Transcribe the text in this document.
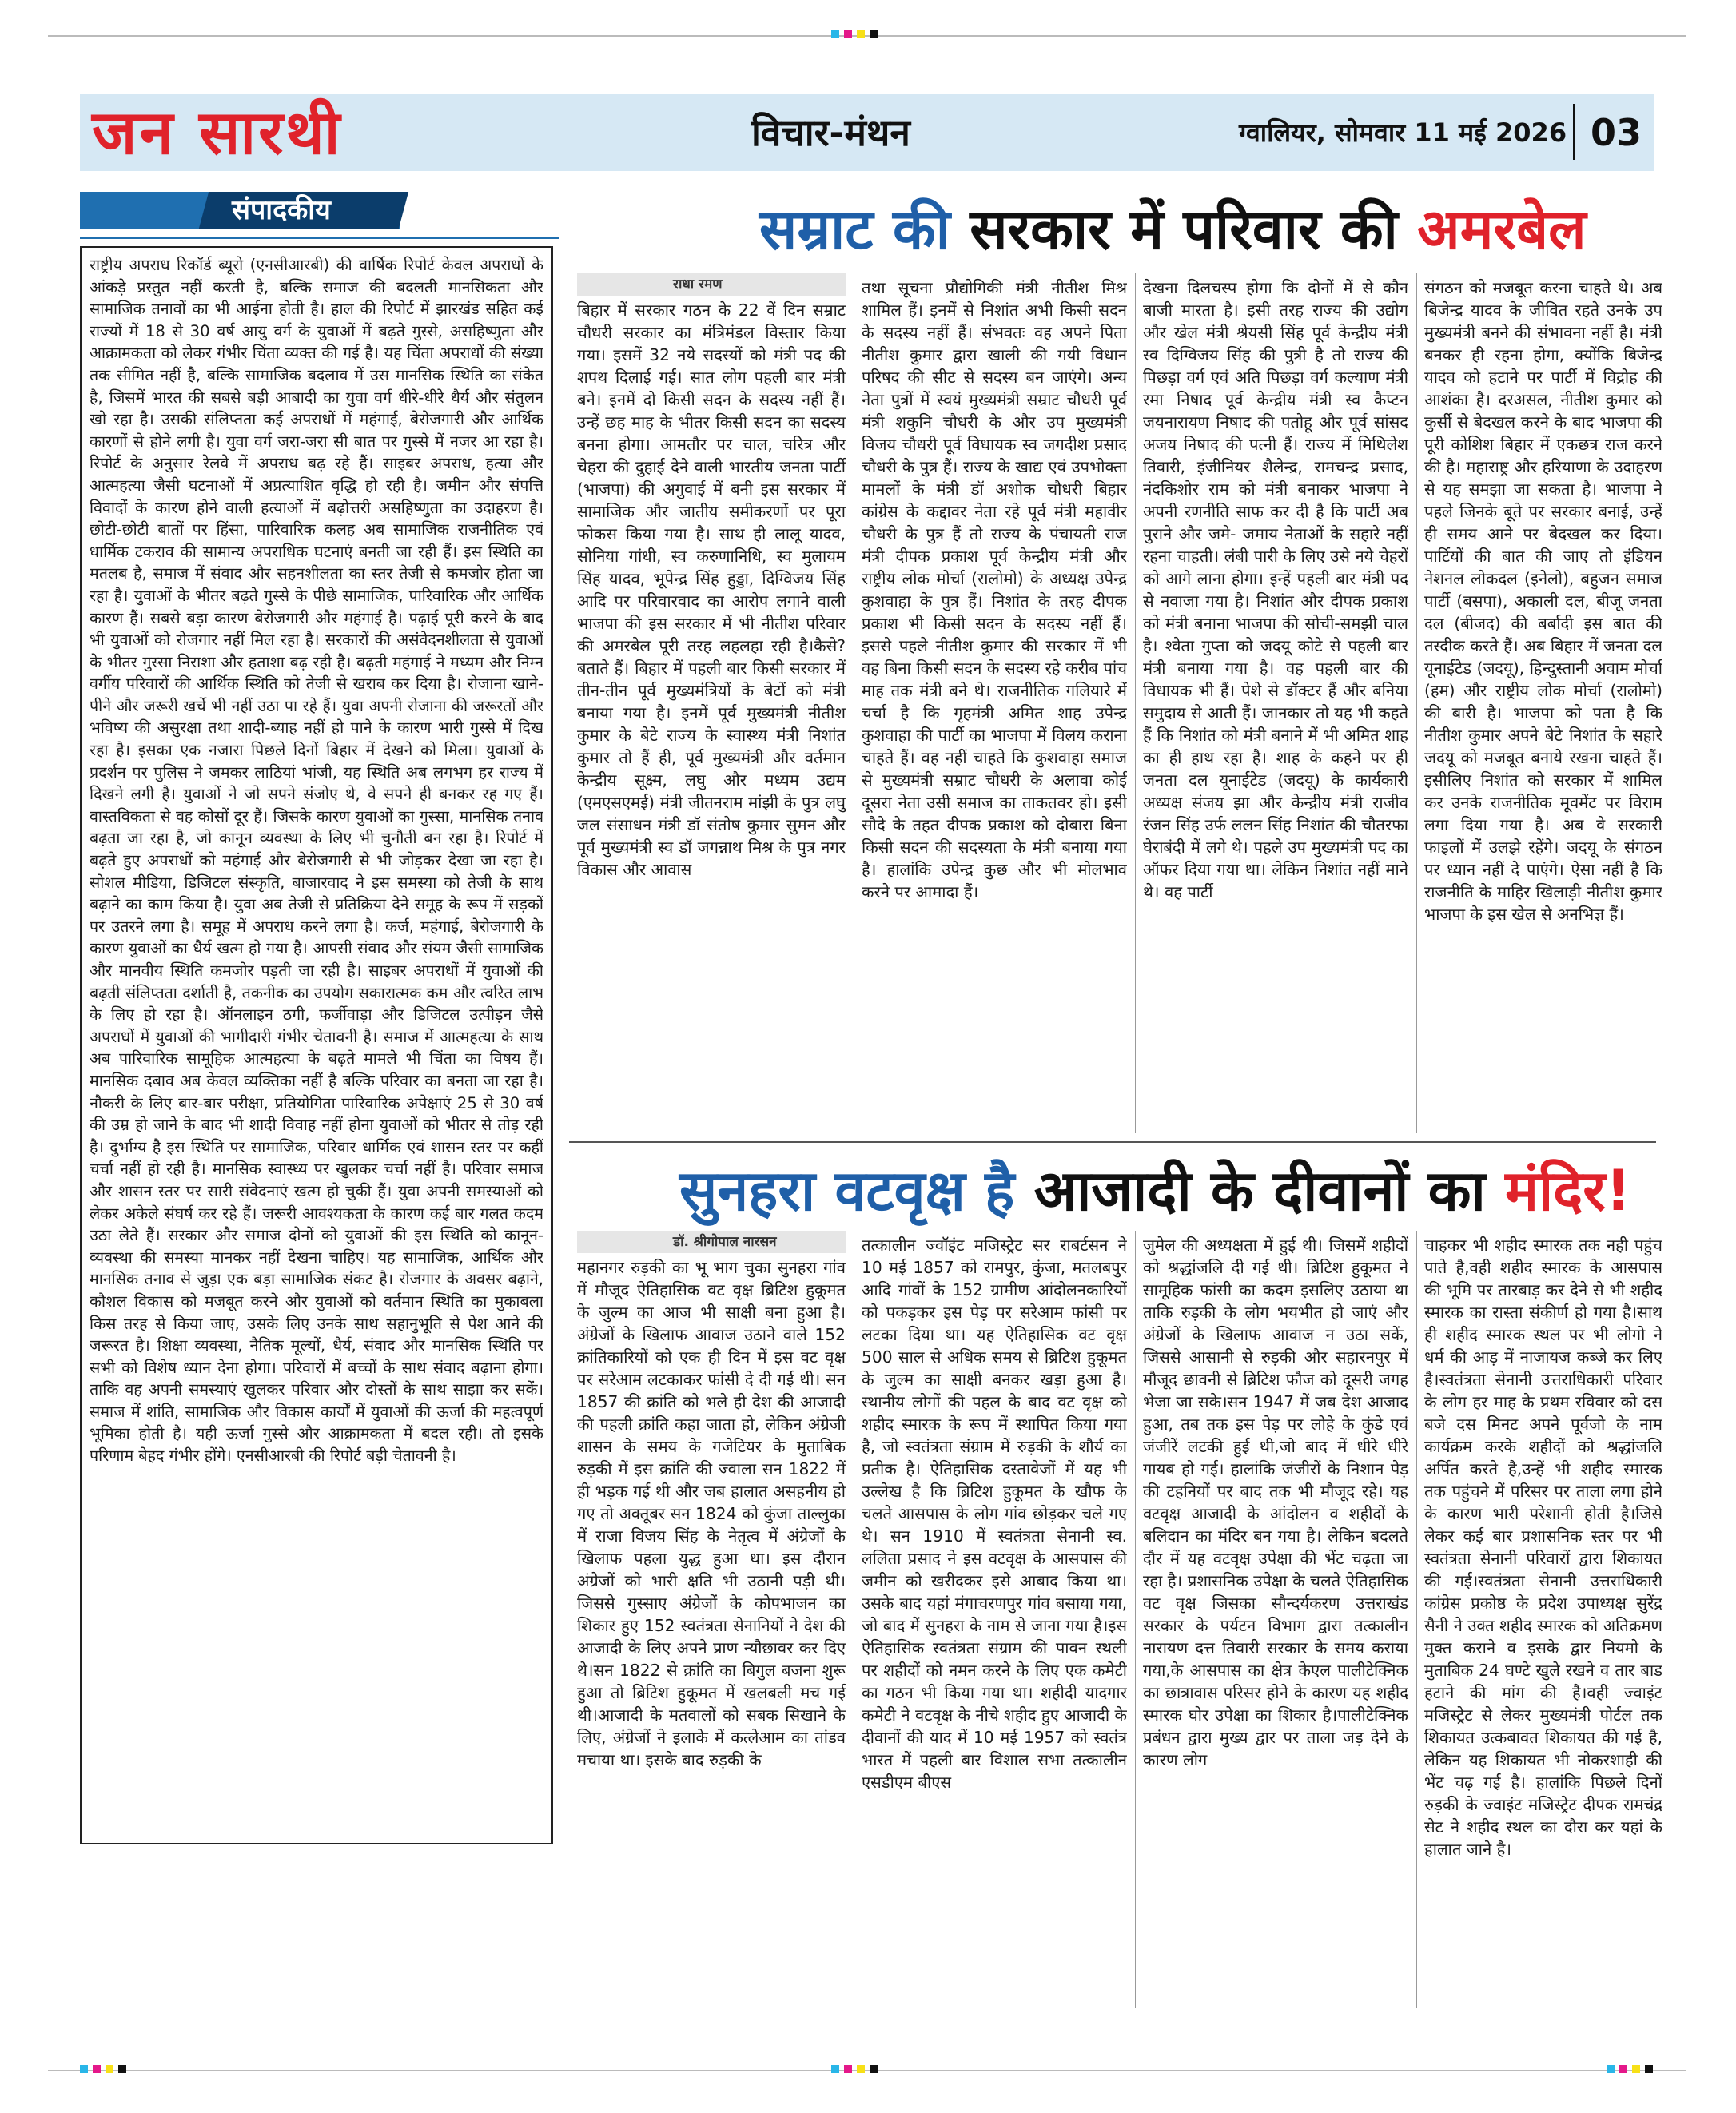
जन सारथी	विचार-मंथन	ग्वालियर, सोमवार 11 मई 2026 03
संपादकीय
राष्ट्रीय अपराध रिकॉर्ड ब्यूरो (एनसीआरबी) की वार्षिक रिपोर्ट केवल अपराधों के आंकड़े प्रस्तुत नहीं करती है, बल्कि समाज की बदलती मानसिकता और सामाजिक तनावों का भी आईना होती है। हाल की रिपोर्ट में झारखंड सहित कई राज्यों में 18 से 30 वर्ष आयु वर्ग के युवाओं में बढ़ते गुस्से, असहिष्णुता और आक्रामकता को लेकर गंभीर चिंता व्यक्त की गई है। यह चिंता अपराधों की संख्या तक सीमित नहीं है, बल्कि सामाजिक बदलाव में उस मानसिक स्थिति का संकेत है, जिसमें भारत की सबसे बड़ी आबादी का युवा वर्ग धीरे-धीरे धैर्य और संतुलन खो रहा है। उसकी संलिप्तता कई अपराधों में महंगाई, बेरोजगारी और आर्थिक कारणों से होने लगी है। युवा वर्ग जरा-जरा सी बात पर गुस्से में नजर आ रहा है। रिपोर्ट के अनुसार रेलवे में अपराध बढ़ रहे हैं। साइबर अपराध, हत्या और आत्महत्या जैसी घटनाओं में अप्रत्याशित वृद्धि हो रही है। जमीन और संपत्ति विवादों के कारण होने वाली हत्याओं में बढ़ोत्तरी असहिष्णुता का उदाहरण है। छोटी-छोटी बातों पर हिंसा, पारिवारिक कलह अब सामाजिक राजनीतिक एवं धार्मिक टकराव की सामान्य अपराधिक घटनाएं बनती जा रही हैं। इस स्थिति का मतलब है, समाज में संवाद और सहनशीलता का स्तर तेजी से कमजोर होता जा रहा है। युवाओं के भीतर बढ़ते गुस्से के पीछे सामाजिक, पारिवारिक और आर्थिक कारण हैं। सबसे बड़ा कारण बेरोजगारी और महंगाई है। पढ़ाई पूरी करने के बाद भी युवाओं को रोजगार नहीं मिल रहा है। सरकारों की असंवेदनशीलता से युवाओं के भीतर गुस्सा निराशा और हताशा बढ़ रही है। बढ़ती महंगाई ने मध्यम और निम्न वर्गीय परिवारों की आर्थिक स्थिति को तेजी से खराब कर दिया है। रोजाना खाने-पीने और जरूरी खर्चे भी नहीं उठा पा रहे हैं। युवा अपनी रोजाना की जरूरतों और भविष्य की असुरक्षा तथा शादी-ब्याह नहीं हो पाने के कारण भारी गुस्से में दिख रहा है। इसका एक नजारा पिछले दिनों बिहार में देखने को मिला। युवाओं के प्रदर्शन पर पुलिस ने जमकर लाठियां भांजी, यह स्थिति अब लगभग हर राज्य में दिखने लगी है। युवाओं ने जो सपने संजोए थे, वे सपने ही बनकर रह गए हैं। वास्तविकता से वह कोसों दूर हैं। जिसके कारण युवाओं का गुस्सा, मानसिक तनाव बढ़ता जा रहा है, जो कानून व्यवस्था के लिए भी चुनौती बन रहा है। रिपोर्ट में बढ़ते हुए अपराधों को महंगाई और बेरोजगारी से भी जोड़कर देखा जा रहा है। सोशल मीडिया, डिजिटल संस्कृति, बाजारवाद ने इस समस्या को तेजी के साथ बढ़ाने का काम किया है। युवा अब तेजी से प्रतिक्रिया देने समूह के रूप में सड़कों पर उतरने लगा है। समूह में अपराध करने लगा है। कर्ज, महंगाई, बेरोजगारी के कारण युवाओं का धैर्य खत्म हो गया है। आपसी संवाद और संयम जैसी सामाजिक और मानवीय स्थिति कमजोर पड़ती जा रही है। साइबर अपराधों में युवाओं की बढ़ती संलिप्तता दर्शाती है, तकनीक का उपयोग सकारात्मक कम और त्वरित लाभ के लिए हो रहा है। ऑनलाइन ठगी, फर्जीवाड़ा और डिजिटल उत्पीड़न जैसे अपराधों में युवाओं की भागीदारी गंभीर चेतावनी है। समाज में आत्महत्या के साथ अब पारिवारिक सामूहिक आत्महत्या के बढ़ते मामले भी चिंता का विषय हैं। मानसिक दबाव अब केवल व्यक्तिका नहीं है बल्कि परिवार का बनता जा रहा है। नौकरी के लिए बार-बार परीक्षा, प्रतियोगिता पारिवारिक अपेक्षाएं 25 से 30 वर्ष की उम्र हो जाने के बाद भी शादी विवाह नहीं होना युवाओं को भीतर से तोड़ रही है। दुर्भाग्य है इस स्थिति पर सामाजिक, परिवार धार्मिक एवं शासन स्तर पर कहीं चर्चा नहीं हो रही है। मानसिक स्वास्थ्य पर खुलकर चर्चा नहीं है। परिवार समाज और शासन स्तर पर सारी संवेदनाएं खत्म हो चुकी हैं। युवा अपनी समस्याओं को लेकर अकेले संघर्ष कर रहे हैं। जरूरी आवश्यकता के कारण कई बार गलत कदम उठा लेते हैं। सरकार और समाज दोनों को युवाओं की इस स्थिति को कानून-व्यवस्था की समस्या मानकर नहीं देखना चाहिए। यह सामाजिक, आर्थिक और मानसिक तनाव से जुड़ा एक बड़ा सामाजिक संकट है। रोजगार के अवसर बढ़ाने, कौशल विकास को मजबूत करने और युवाओं को वर्तमान स्थिति का मुकाबला किस तरह से किया जाए, उसके लिए उनके साथ सहानुभूति से पेश आने की जरूरत है। शिक्षा व्यवस्था, नैतिक मूल्यों, धैर्य, संवाद और मानसिक स्थिति पर सभी को विशेष ध्यान देना होगा। परिवारों में बच्चों के साथ संवाद बढ़ाना होगा। ताकि वह अपनी समस्याएं खुलकर परिवार और दोस्तों के साथ साझा कर सकें। समाज में शांति, सामाजिक और विकास कार्यों में युवाओं की ऊर्जा की महत्वपूर्ण भूमिका होती है। यही ऊर्जा गुस्से और आक्रामकता में बदल रही। तो इसके परिणाम बेहद गंभीर होंगे। एनसीआरबी की रिपोर्ट बड़ी चेतावनी है।
सम्राट की सरकार में परिवार की अमरबेल
राधा रमण
बिहार में सरकार गठन के 22 वें दिन सम्राट चौधरी सरकार का मंत्रिमंडल विस्तार किया गया। इसमें 32 नये सदस्यों को मंत्री पद की शपथ दिलाई गई। सात लोग पहली बार मंत्री बने। इनमें दो किसी सदन के सदस्य नहीं हैं। उन्हें छह माह के भीतर किसी सदन का सदस्य बनना होगा। आमतौर पर चाल, चरित्र और चेहरा की दुहाई देने वाली भारतीय जनता पार्टी (भाजपा) की अगुवाई में बनी इस सरकार में सामाजिक और जातीय समीकरणों पर पूरा फोकस किया गया है। साथ ही लालू यादव, सोनिया गांधी, स्व करुणानिधि, स्व मुलायम सिंह यादव, भूपेन्द्र सिंह हुड्डा, दिग्विजय सिंह आदि पर परिवारवाद का आरोप लगाने वाली भाजपा की इस सरकार में भी नीतीश परिवार की अमरबेल पूरी तरह लहलहा रही है।कैसे? बताते हैं। बिहार में पहली बार किसी सरकार में तीन-तीन पूर्व मुख्यमंत्रियों के बेटों को मंत्री बनाया गया है। इनमें पूर्व मुख्यमंत्री नीतीश कुमार के बेटे राज्य के स्वास्थ्य मंत्री निशांत कुमार तो हैं ही, पूर्व मुख्यमंत्री और वर्तमान केन्द्रीय सूक्ष्म, लघु और मध्यम उद्यम (एमएसएमई) मंत्री जीतनराम मांझी के पुत्र लघु जल संसाधन मंत्री डॉ संतोष कुमार सुमन और पूर्व मुख्यमंत्री स्व डॉ जगन्नाथ मिश्र के पुत्र नगर विकास और आवास
तथा सूचना प्रौद्योगिकी मंत्री नीतीश मिश्र शामिल हैं। इनमें से निशांत अभी किसी सदन के सदस्य नहीं हैं। संभवतः वह अपने पिता नीतीश कुमार द्वारा खाली की गयी विधान परिषद की सीट से सदस्य बन जाएंगे। अन्य नेता पुत्रों में स्वयं मुख्यमंत्री सम्राट चौधरी पूर्व मंत्री शकुनि चौधरी के और उप मुख्यमंत्री विजय चौधरी पूर्व विधायक स्व जगदीश प्रसाद चौधरी के पुत्र हैं। राज्य के खाद्य एवं उपभोक्ता मामलों के मंत्री डॉ अशोक चौधरी बिहार कांग्रेस के कद्दावर नेता रहे पूर्व मंत्री महावीर चौधरी के पुत्र हैं तो राज्य के पंचायती राज मंत्री दीपक प्रकाश पूर्व केन्द्रीय मंत्री और राष्ट्रीय लोक मोर्चा (रालोमो) के अध्यक्ष उपेन्द्र कुशवाहा के पुत्र हैं। निशांत के तरह दीपक प्रकाश भी किसी सदन के सदस्य नहीं हैं। इससे पहले नीतीश कुमार की सरकार में भी वह बिना किसी सदन के सदस्य रहे करीब पांच माह तक मंत्री बने थे। राजनीतिक गलियारे में चर्चा है कि गृहमंत्री अमित शाह उपेन्द्र कुशवाहा की पार्टी का भाजपा में विलय कराना चाहते हैं। वह नहीं चाहते कि कुशवाहा समाज से मुख्यमंत्री सम्राट चौधरी के अलावा कोई दूसरा नेता उसी समाज का ताकतवर हो। इसी सौदे के तहत दीपक प्रकाश को दोबारा बिना किसी सदन की सदस्यता के मंत्री बनाया गया है। हालांकि उपेन्द्र कुछ और भी मोलभाव करने पर आमादा हैं।
देखना दिलचस्प होगा कि दोनों में से कौन बाजी मारता है। इसी तरह राज्य की उद्योग और खेल मंत्री श्रेयसी सिंह पूर्व केन्द्रीय मंत्री स्व दिग्विजय सिंह की पुत्री है तो राज्य की पिछड़ा वर्ग एवं अति पिछड़ा वर्ग कल्याण मंत्री रमा निषाद पूर्व केन्द्रीय मंत्री स्व कैप्टन जयनारायण निषाद की पतोहू और पूर्व सांसद अजय निषाद की पत्नी हैं। राज्य में मिथिलेश तिवारी, इंजीनियर शैलेन्द्र, रामचन्द्र प्रसाद, नंदकिशोर राम को मंत्री बनाकर भाजपा ने अपनी रणनीति साफ कर दी है कि पार्टी अब पुराने और जमे- जमाय नेताओं के सहारे नहीं रहना चाहती। लंबी पारी के लिए उसे नये चेहरों को आगे लाना होगा। इन्हें पहली बार मंत्री पद से नवाजा गया है। निशांत और दीपक प्रकाश को मंत्री बनाना भाजपा की सोची-समझी चाल है। श्वेता गुप्ता को जदयू कोटे से पहली बार मंत्री बनाया गया है। वह पहली बार की विधायक भी हैं। पेशे से डॉक्टर हैं और बनिया समुदाय से आती हैं। जानकार तो यह भी कहते हैं कि निशांत को मंत्री बनाने में भी अमित शाह का ही हाथ रहा है। शाह के कहने पर ही जनता दल यूनाईटेड (जदयू) के कार्यकारी अध्यक्ष संजय झा और केन्द्रीय मंत्री राजीव रंजन सिंह उर्फ ललन सिंह निशांत की चौतरफा घेराबंदी में लगे थे। पहले उप मुख्यमंत्री पद का ऑफर दिया गया था। लेकिन निशांत नहीं माने थे। वह पार्टी
संगठन को मजबूत करना चाहते थे। अब बिजेन्द्र यादव के जीवित रहते उनके उप मुख्यमंत्री बनने की संभावना नहीं है। मंत्री बनकर ही रहना होगा, क्योंकि बिजेन्द्र यादव को हटाने पर पार्टी में विद्रोह की आशंका है। दरअसल, नीतीश कुमार को कुर्सी से बेदखल करने के बाद भाजपा की पूरी कोशिश बिहार में एकछत्र राज करने की है। महाराष्ट्र और हरियाणा के उदाहरण से यह समझा जा सकता है। भाजपा ने पहले जिनके बूते पर सरकार बनाई, उन्हें ही समय आने पर बेदखल कर दिया। पार्टियों की बात की जाए तो इंडियन नेशनल लोकदल (इनेलो), बहुजन समाज पार्टी (बसपा), अकाली दल, बीजू जनता दल (बीजद) की बर्बादी इस बात की तस्दीक करते हैं। अब बिहार में जनता दल यूनाईटेड (जदयू), हिन्दुस्तानी अवाम मोर्चा (हम) और राष्ट्रीय लोक मोर्चा (रालोमो) की बारी है। भाजपा को पता है कि नीतीश कुमार अपने बेटे निशांत के सहारे जदयू को मजबूत बनाये रखना चाहते हैं। इसीलिए निशांत को सरकार में शामिल कर उनके राजनीतिक मूवमेंट पर विराम लगा दिया गया है। अब वे सरकारी फाइलों में उलझे रहेंगे। जदयू के संगठन पर ध्यान नहीं दे पाएंगे। ऐसा नहीं है कि राजनीति के माहिर खिलाड़ी नीतीश कुमार भाजपा के इस खेल से अनभिज्ञ हैं।
सुनहरा वटवृक्ष है आजादी के दीवानों का मंदिर!
डॉ. श्रीगोपाल नारसन
महानगर रुड़की का भू भाग चुका सुनहरा गांव में मौजूद ऐतिहासिक वट वृक्ष ब्रिटिश हुकूमत के जुल्म का आज भी साक्षी बना हुआ है। अंग्रेजों के खिलाफ आवाज उठाने वाले 152 क्रांतिकारियों को एक ही दिन में इस वट वृक्ष पर सरेआम लटकाकर फांसी दे दी गई थी। सन 1857 की क्रांति को भले ही देश की आजादी की पहली क्रांति कहा जाता हो, लेकिन अंग्रेजी शासन के समय के गजेटियर के मुताबिक रुड़की में इस क्रांति की ज्वाला सन 1822 में ही भड़क गई थी और जब हालात असहनीय हो गए तो अक्तूबर सन 1824 को कुंजा ताल्लुका में राजा विजय सिंह के नेतृत्व में अंग्रेजों के खिलाफ पहला युद्ध हुआ था। इस दौरान अंग्रेजों को भारी क्षति भी उठानी पड़ी थी। जिससे गुस्साए अंग्रेजों के कोपभाजन का शिकार हुए 152 स्वतंत्रता सेनानियों ने देश की आजादी के लिए अपने प्राण न्यौछावर कर दिए थे।सन 1822 से क्रांति का बिगुल बजना शुरू हुआ तो ब्रिटिश हुकूमत में खलबली मच गई थी।आजादी के मतवालों को सबक सिखाने के लिए, अंग्रेजों ने इलाके में कत्लेआम का तांडव मचाया था। इसके बाद रुड़की के
तत्कालीन ज्वॉइंट मजिस्ट्रेट सर राबर्टसन ने 10 मई 1857 को रामपुर, कुंजा, मतलबपुर आदि गांवों के 152 ग्रामीण आंदोलनकारियों को पकड़कर इस पेड़ पर सरेआम फांसी पर लटका दिया था। यह ऐतिहासिक वट वृक्ष 500 साल से अधिक समय से ब्रिटिश हुकूमत के जुल्म का साक्षी बनकर खड़ा हुआ है। स्थानीय लोगों की पहल के बाद वट वृक्ष को शहीद स्मारक के रूप में स्थापित किया गया है, जो स्वतंत्रता संग्राम में रुड़की के शौर्य का प्रतीक है। ऐतिहासिक दस्तावेजों में यह भी उल्लेख है कि ब्रिटिश हुकूमत के खौफ के चलते आसपास के लोग गांव छोड़कर चले गए थे। सन 1910 में स्वतंत्रता सेनानी स्व. ललिता प्रसाद ने इस वटवृक्ष के आसपास की जमीन को खरीदकर इसे आबाद किया था। उसके बाद यहां मंगाचरणपुर गांव बसाया गया, जो बाद में सुनहरा के नाम से जाना गया है।इस ऐतिहासिक स्वतंत्रता संग्राम की पावन स्थली पर शहीदों को नमन करने के लिए एक कमेटी का गठन भी किया गया था। शहीदी यादगार कमेटी ने वटवृक्ष के नीचे शहीद हुए आजादी के दीवानों की याद में 10 मई 1957 को स्वतंत्र भारत में पहली बार विशाल सभा तत्कालीन एसडीएम बीएस
जुमेल की अध्यक्षता में हुई थी। जिसमें शहीदों को श्रद्धांजलि दी गई थी। ब्रिटिश हुकूमत ने सामूहिक फांसी का कदम इसलिए उठाया था ताकि रुड़की के लोग भयभीत हो जाएं और अंग्रेजों के खिलाफ आवाज न उठा सकें, जिससे आसानी से रुड़की और सहारनपुर में मौजूद छावनी से ब्रिटिश फौज को दूसरी जगह भेजा जा सके।सन 1947 में जब देश आजाद हुआ, तब तक इस पेड़ पर लोहे के कुंडे एवं जंजीरें लटकी हुई थी,जो बाद में धीरे धीरे गायब हो गई। हालांकि जंजीरों के निशान पेड़ की टहनियों पर बाद तक भी मौजूद रहे। यह वटवृक्ष आजादी के आंदोलन व शहीदों के बलिदान का मंदिर बन गया है। लेकिन बदलते दौर में यह वटवृक्ष उपेक्षा की भेंट चढ़ता जा रहा है। प्रशासनिक उपेक्षा के चलते ऐतिहासिक वट वृक्ष जिसका सौन्दर्यकरण उत्तराखंड सरकार के पर्यटन विभाग द्वारा तत्कालीन नारायण दत्त तिवारी सरकार के समय कराया गया,के आसपास का क्षेत्र केएल पालीटेक्निक का छात्रावास परिसर होने के कारण यह शहीद स्मारक घोर उपेक्षा का शिकार है।पालीटेक्निक प्रबंधन द्वारा मुख्य द्वार पर ताला जड़ देने के कारण लोग
चाहकर भी शहीद स्मारक तक नही पहुंच पाते है,वही शहीद स्मारक के आसपास की भूमि पर तारबाड़ कर देने से भी शहीद स्मारक का रास्ता संकीर्ण हो गया है।साथ ही शहीद स्मारक स्थल पर भी लोगो ने धर्म की आड़ में नाजायज कब्जे कर लिए है।स्वतंत्रता सेनानी उत्तराधिकारी परिवार के लोग हर माह के प्रथम रविवार को दस बजे दस मिनट अपने पूर्वजो के नाम कार्यक्रम करके शहीदों को श्रद्धांजलि अर्पित करते है,उन्हें भी शहीद स्मारक तक पहुंचने में परिसर पर ताला लगा होने के कारण भारी परेशानी होती है।जिसे लेकर कई बार प्रशासनिक स्तर पर भी स्वतंत्रता सेनानी परिवारों द्वारा शिकायत की गई।स्वतंत्रता सेनानी उत्तराधिकारी कांग्रेस प्रकोष्ठ के प्रदेश उपाध्यक्ष सुरेंद्र सैनी ने उक्त शहीद स्मारक को अतिक्रमण मुक्त कराने व इसके द्वार नियमो के मुताबिक 24 घण्टे खुले रखने व तार बाड हटाने की मांग की है।वही ज्वाइंट मजिस्ट्रेट से लेकर मुख्यमंत्री पोर्टल तक शिकायत उत्कबावत शिकायत की गई है, लेकिन यह शिकायत भी नोकरशाही की भेंट चढ़ गई है। हालांकि पिछले दिनों रुड़की के ज्वाइंट मजिस्ट्रेट दीपक रामचंद्र सेट ने शहीद स्थल का दौरा कर यहां के हालात जाने है।
